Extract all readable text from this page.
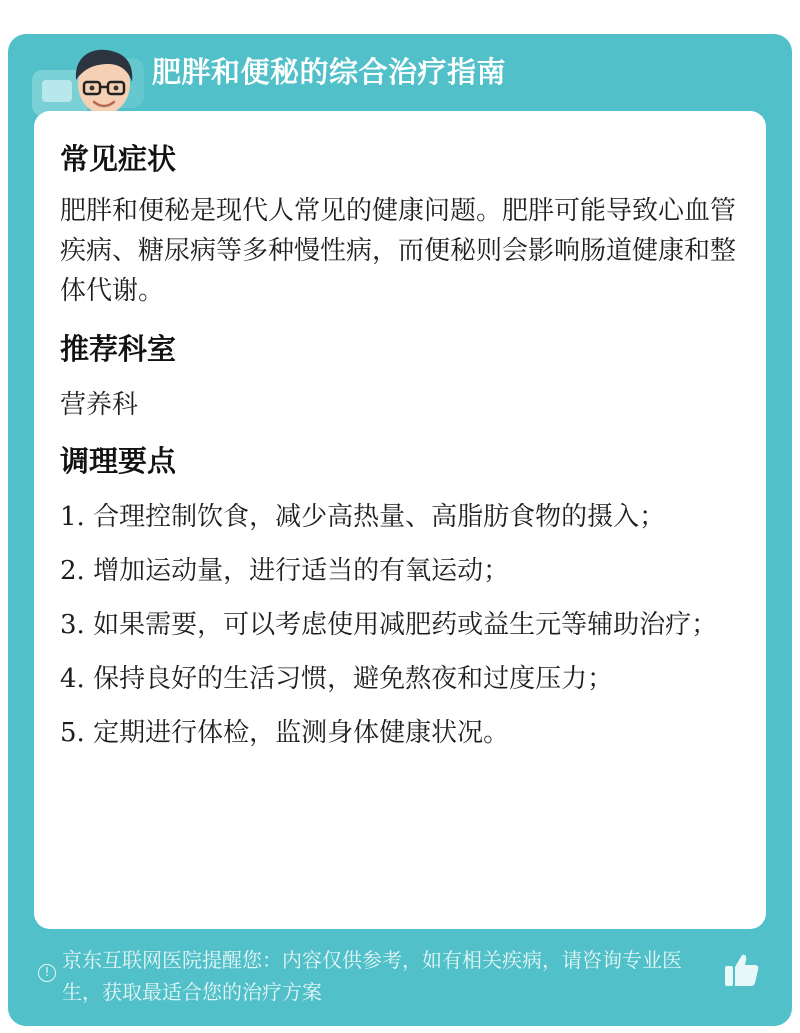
肥胖和便秘的综合治疗指南
常见症状

肥胖和便秘是现代人常见的健康问题。肥胖可能导致心血管疾病、糖尿病等多种慢性病，而便秘则会影响肠道健康和整体代谢。

推荐科室

营养科

调理要点
1. 合理控制饮食，减少高热量、高脂肪食物的摄入；
2. 增加运动量，进行适当的有氧运动；
3. 如果需要，可以考虑使用减肥药或益生元等辅助治疗；
4. 保持良好的生活习惯，避免熬夜和过度压力；
5. 定期进行体检，监测身体健康状况。
! 京东互联网医院提醒您：内容仅供参考，如有相关疾病，请咨询专业医生，获取最适合您的治疗方案
